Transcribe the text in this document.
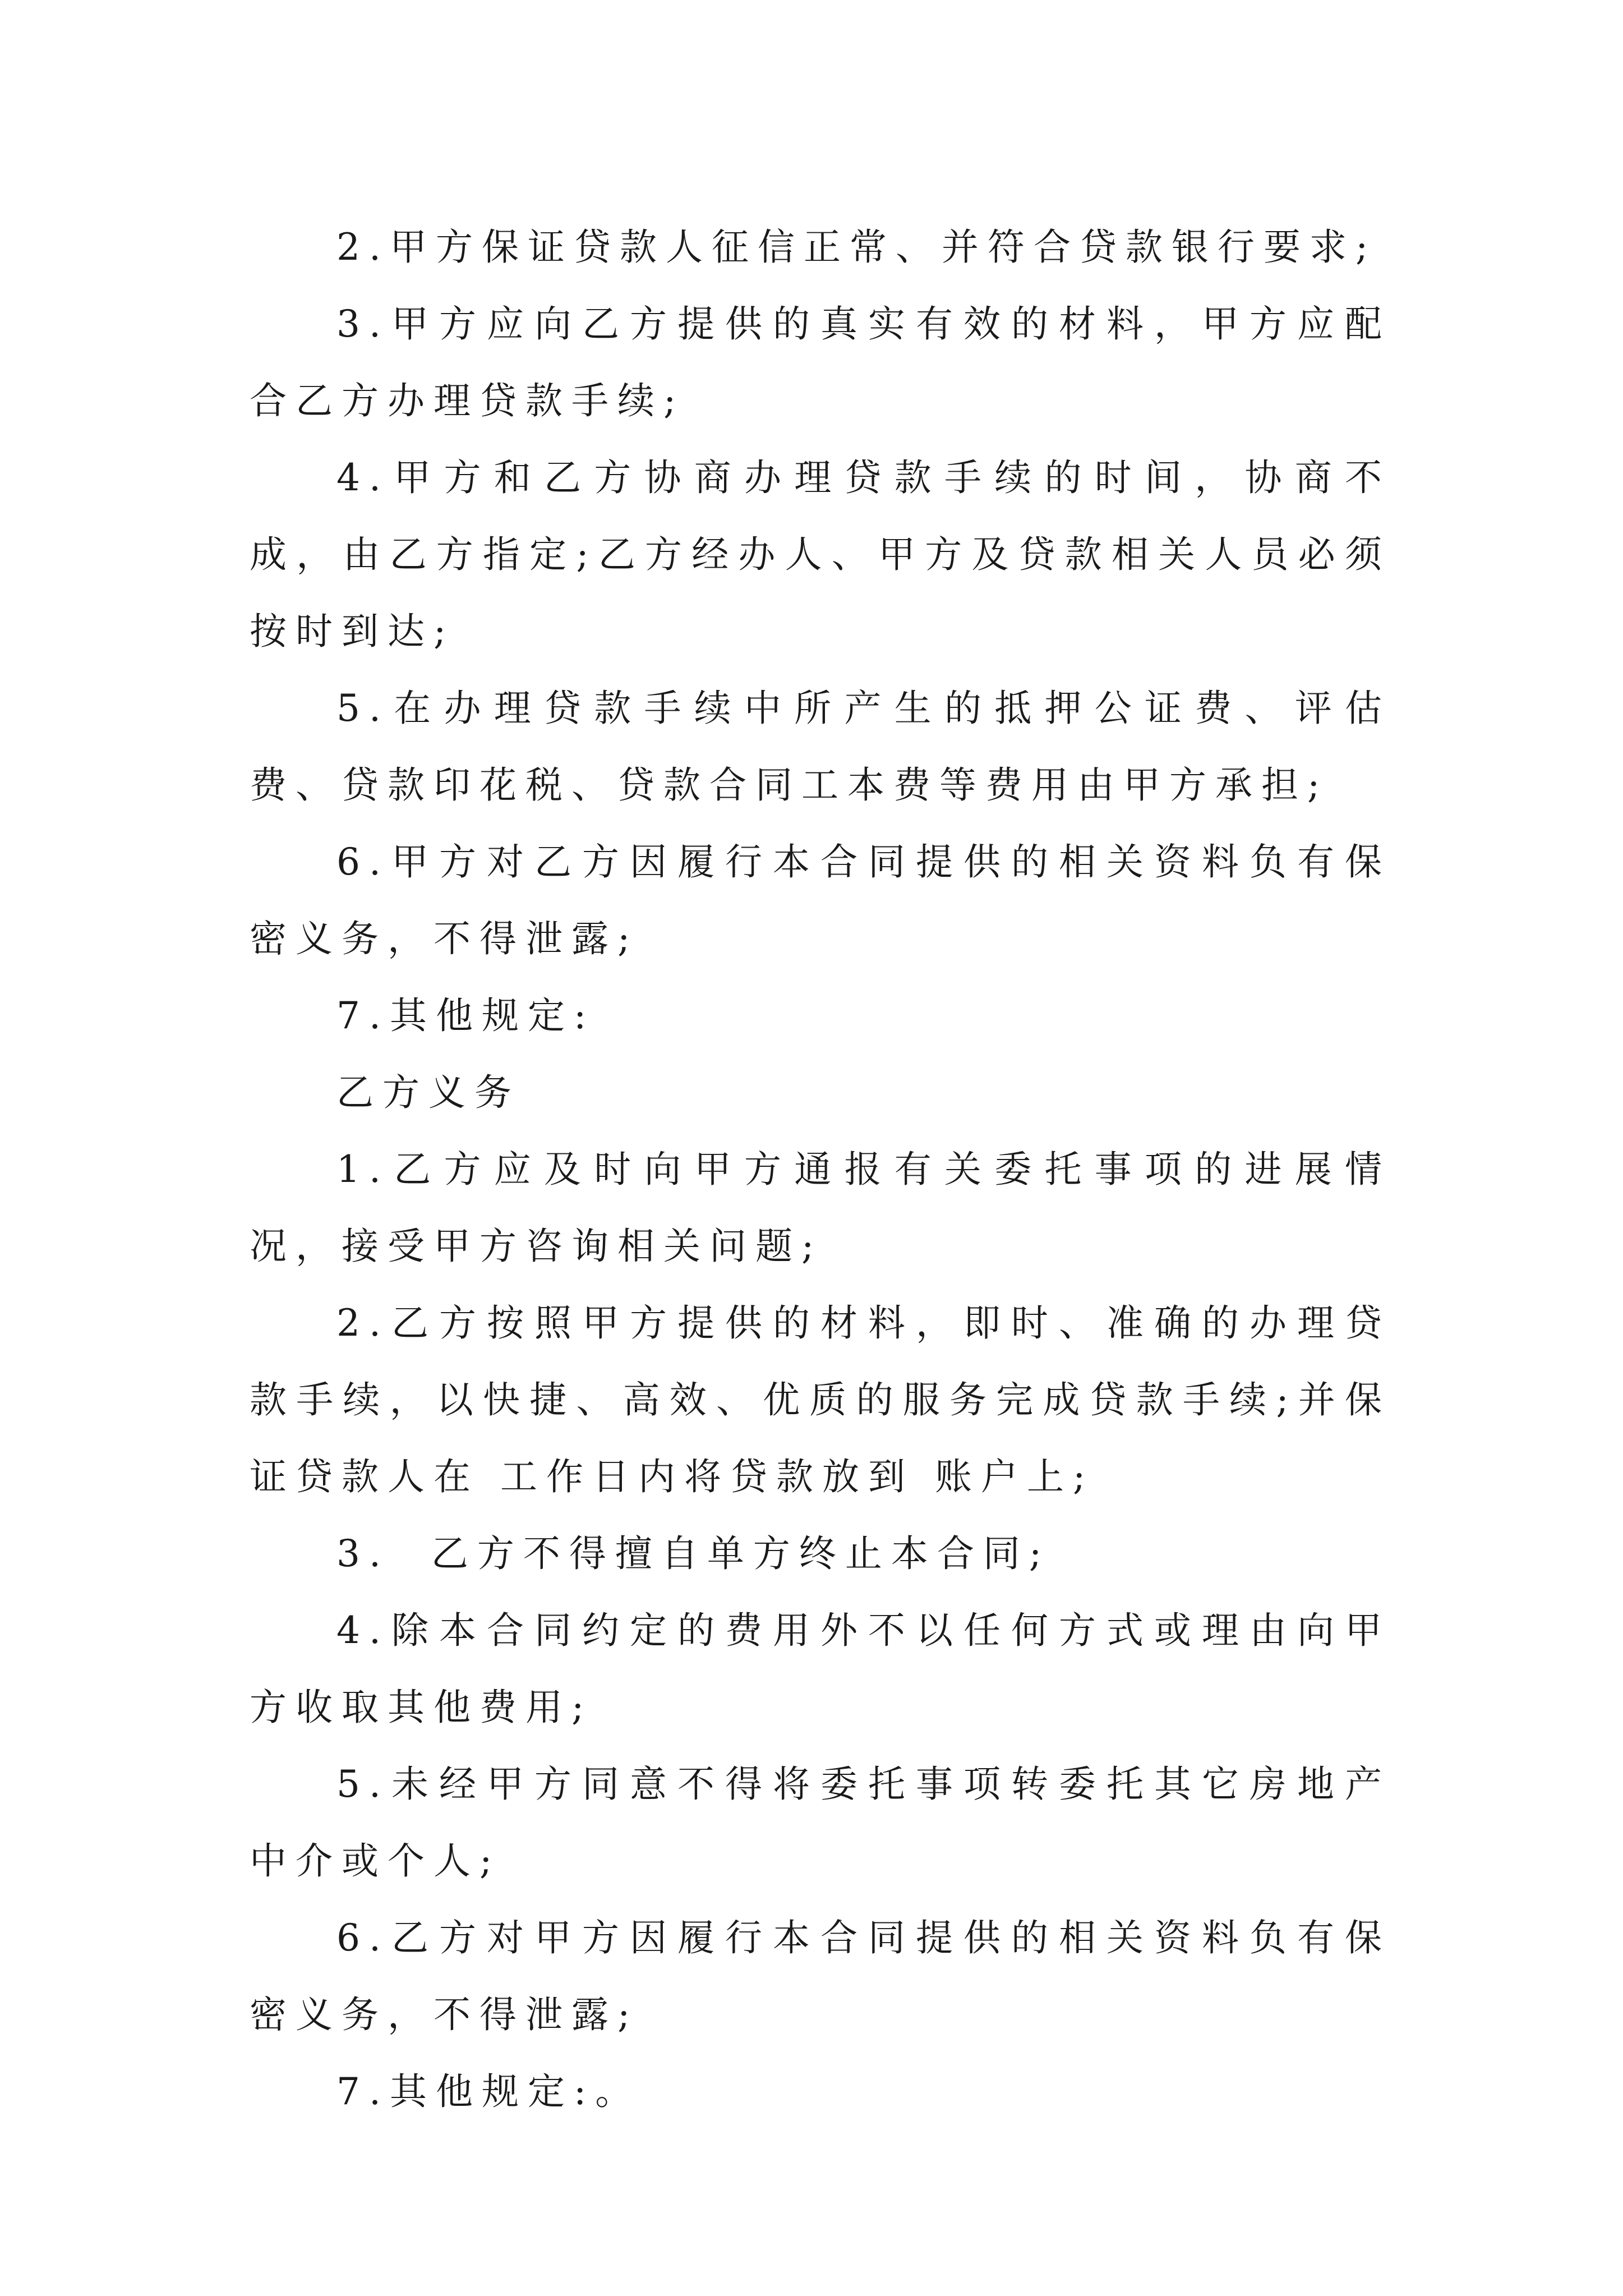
2.甲方保证贷款人征信正常、并符合贷款银行要求;

3.甲方应向乙方提供的真实有效的材料，甲方应配合乙方办理贷款手续;

4.甲方和乙方协商办理贷款手续的时间，协商不成，由乙方指定;乙方经办人、甲方及贷款相关人员必须按时到达;

5.在办理贷款手续中所产生的抵押公证费、评估费、贷款印花税、贷款合同工本费等费用由甲方承担;

6.甲方对乙方因履行本合同提供的相关资料负有保密义务，不得泄露;

7.其他规定:

乙方义务

1.乙方应及时向甲方通报有关委托事项的进展情况，接受甲方咨询相关问题;

2.乙方按照甲方提供的材料，即时、准确的办理贷款手续，以快捷、高效、优质的服务完成贷款手续;并保证贷款人在 工作日内将贷款放到 账户上;

3.  乙方不得擅自单方终止本合同;

4.除本合同约定的费用外不以任何方式或理由向甲方收取其他费用;

5.未经甲方同意不得将委托事项转委托其它房地产中介或个人;

6.乙方对甲方因履行本合同提供的相关资料负有保密义务，不得泄露;

7.其他规定:。
